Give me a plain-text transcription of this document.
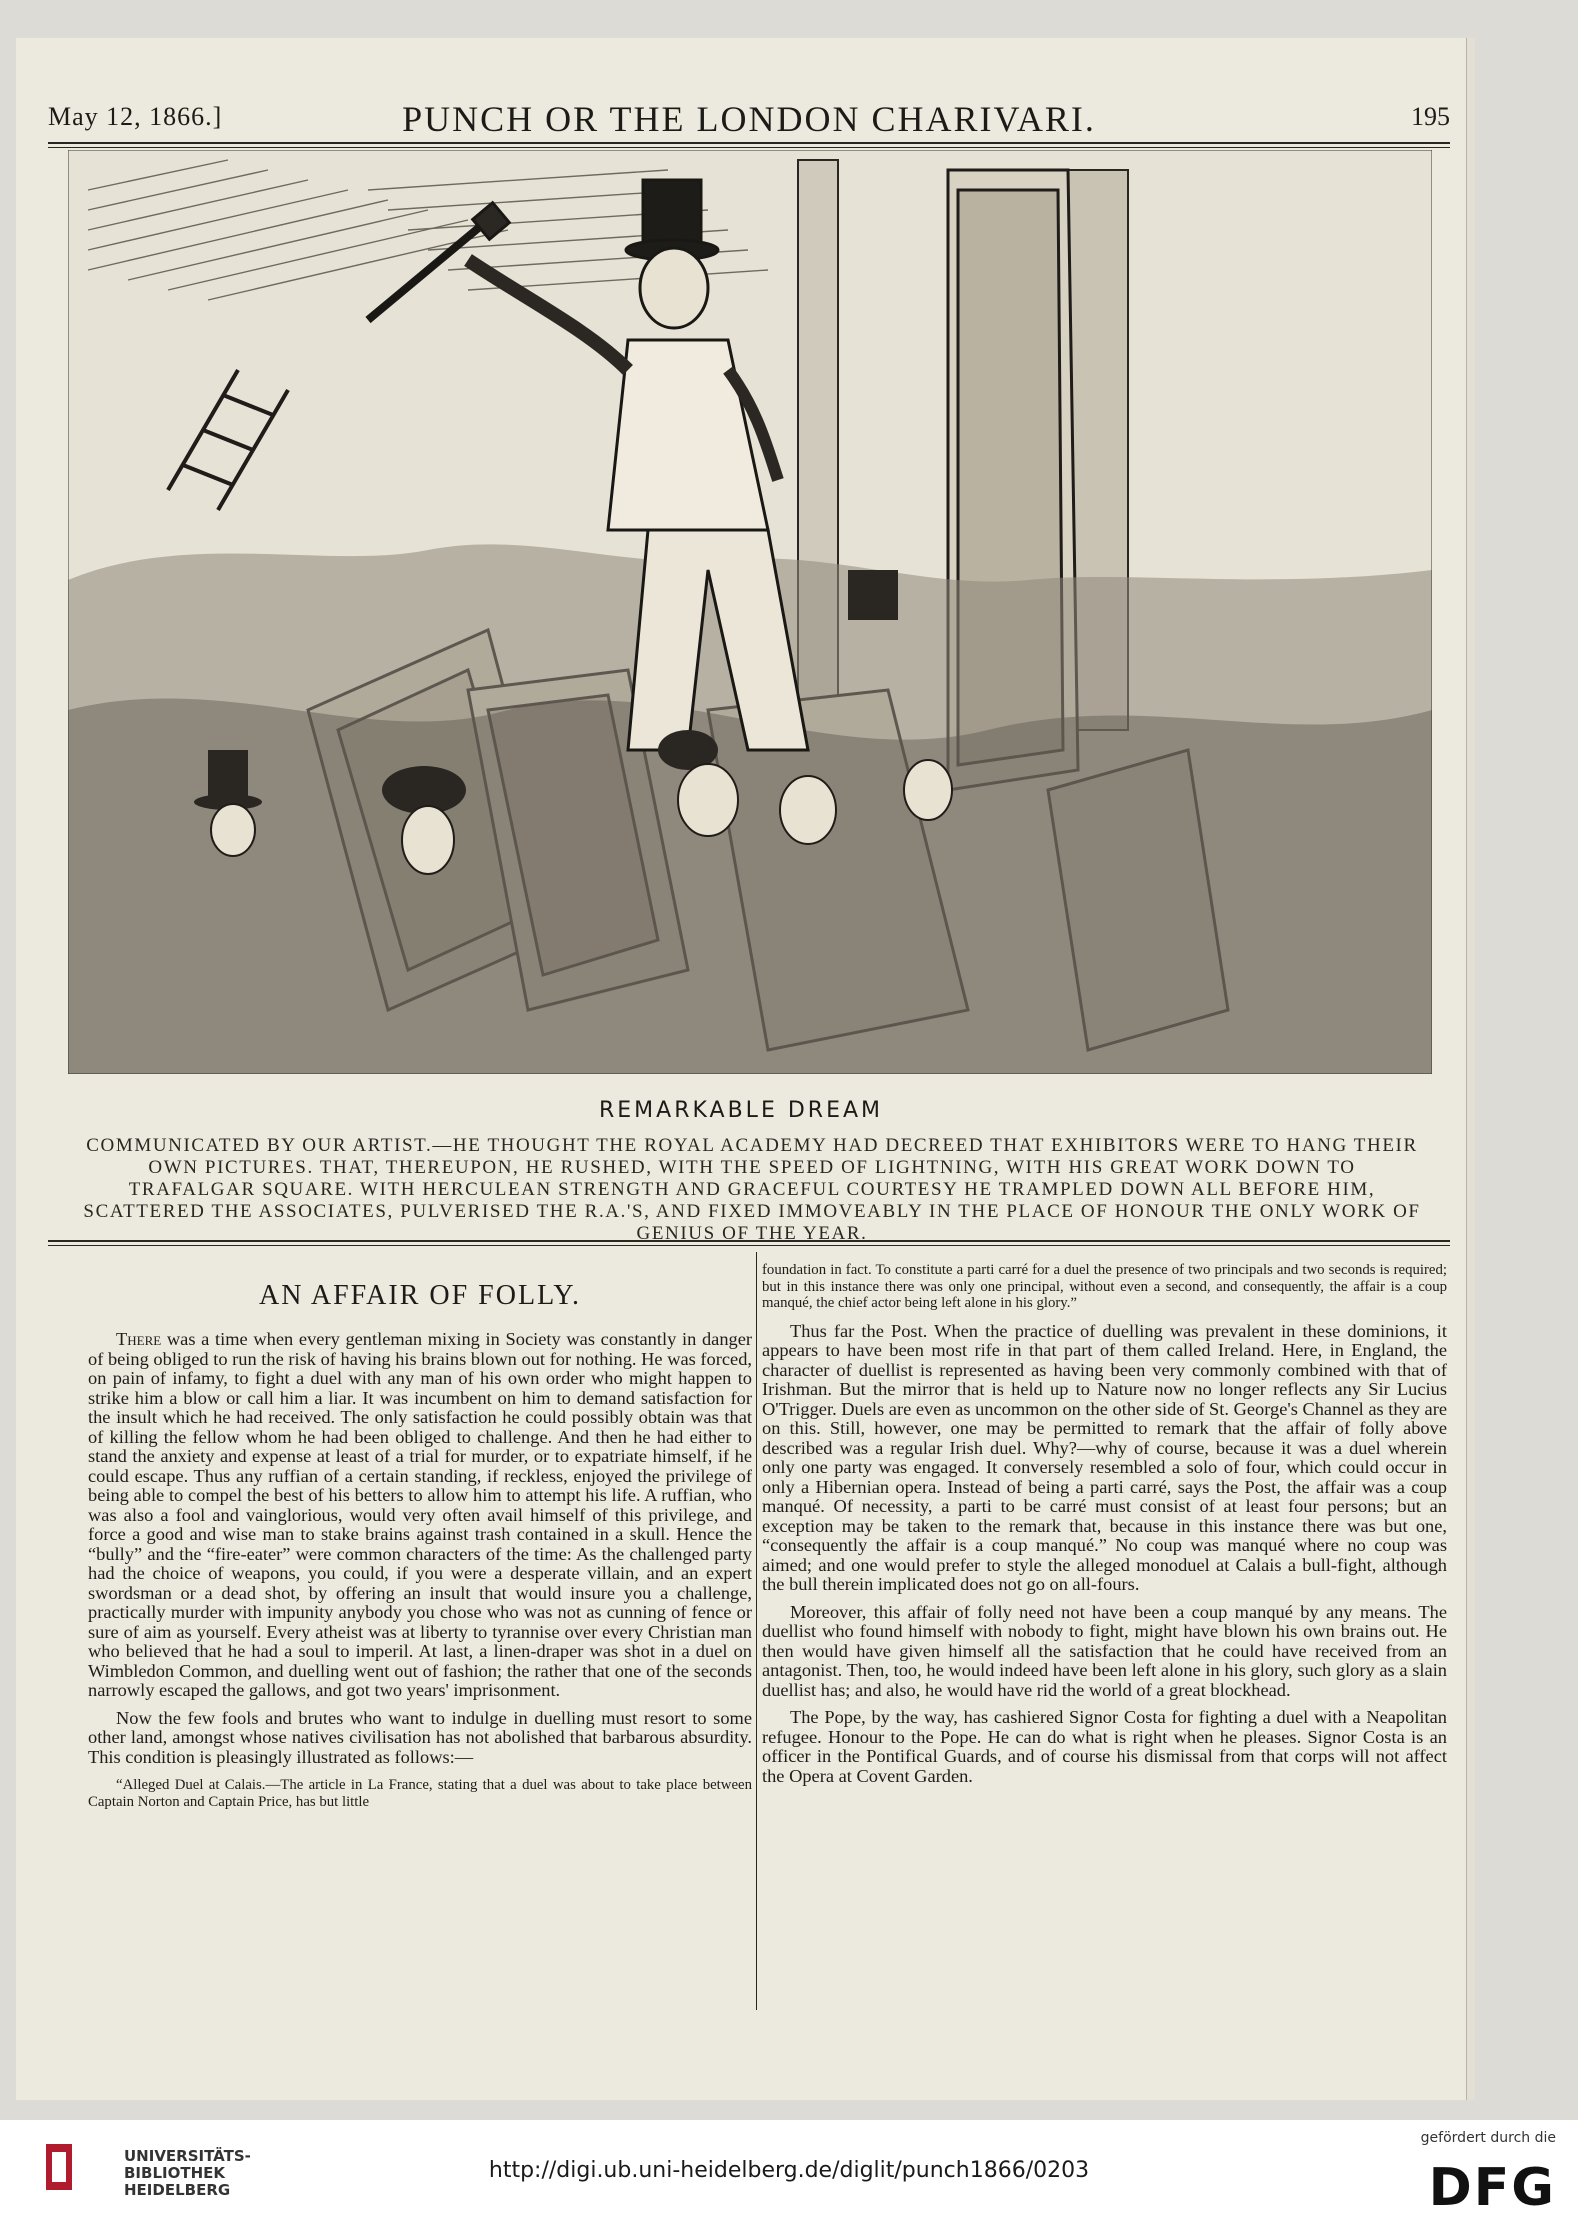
May 12, 1866.]	PUNCH OR THE LONDON CHARIVARI.	195
REMARKABLE DREAM
COMMUNICATED BY OUR ARTIST.—HE THOUGHT THE ROYAL ACADEMY HAD DECREED THAT EXHIBITORS WERE TO HANG THEIR OWN PICTURES. THAT, THEREUPON, HE RUSHED, WITH THE SPEED OF LIGHTNING, WITH HIS GREAT WORK DOWN TO TRAFALGAR SQUARE. WITH HERCULEAN STRENGTH AND GRACEFUL COURTESY HE TRAMPLED DOWN ALL BEFORE HIM, SCATTERED THE ASSOCIATES, PULVERISED THE R.A.'S, AND FIXED IMMOVEABLY IN THE PLACE OF HONOUR THE ONLY WORK OF GENIUS OF THE YEAR.
AN AFFAIR OF FOLLY.

There was a time when every gentleman mixing in Society was constantly in danger of being obliged to run the risk of having his brains blown out for nothing. He was forced, on pain of infamy, to fight a duel with any man of his own order who might happen to strike him a blow or call him a liar. It was incumbent on him to demand satisfaction for the insult which he had received. The only satisfaction he could possibly obtain was that of killing the fellow whom he had been obliged to challenge. And then he had either to stand the anxiety and expense at least of a trial for murder, or to expatriate himself, if he could escape. Thus any ruffian of a certain standing, if reckless, enjoyed the privilege of being able to compel the best of his betters to allow him to attempt his life. A ruffian, who was also a fool and vainglorious, would very often avail himself of this privilege, and force a good and wise man to stake brains against trash contained in a skull. Hence the “bully” and the “fire-eater” were common characters of the time: As the challenged party had the choice of weapons, you could, if you were a desperate villain, and an expert swordsman or a dead shot, by offering an insult that would insure you a challenge, practically murder with impunity anybody you chose who was not as cunning of fence or sure of aim as yourself. Every atheist was at liberty to tyrannise over every Christian man who believed that he had a soul to imperil. At last, a linen-draper was shot in a duel on Wimbledon Common, and duelling went out of fashion; the rather that one of the seconds narrowly escaped the gallows, and got two years' imprisonment.

Now the few fools and brutes who want to indulge in duelling must resort to some other land, amongst whose natives civilisation has not abolished that barbarous absurdity. This condition is pleasingly illustrated as follows:—

“Alleged Duel at Calais.—The article in La France, stating that a duel was about to take place between Captain Norton and Captain Price, has but little

foundation in fact. To constitute a parti carré for a duel the presence of two principals and two seconds is required; but in this instance there was only one principal, without even a second, and consequently, the affair is a coup manqué, the chief actor being left alone in his glory.”

Thus far the Post. When the practice of duelling was prevalent in these dominions, it appears to have been most rife in that part of them called Ireland. Here, in England, the character of duellist is represented as having been very commonly combined with that of Irishman. But the mirror that is held up to Nature now no longer reflects any Sir Lucius O'Trigger. Duels are even as uncommon on the other side of St. George's Channel as they are on this. Still, however, one may be permitted to remark that the affair of folly above described was a regular Irish duel. Why?—why of course, because it was a duel wherein only one party was engaged. It conversely resembled a solo of four, which could occur in only a Hibernian opera. Instead of being a parti carré, says the Post, the affair was a coup manqué. Of necessity, a parti to be carré must consist of at least four persons; but an exception may be taken to the remark that, because in this instance there was but one, “consequently the affair is a coup manqué.” No coup was manqué where no coup was aimed; and one would prefer to style the alleged monoduel at Calais a bull-fight, although the bull therein implicated does not go on all-fours.

Moreover, this affair of folly need not have been a coup manqué by any means. The duellist who found himself with nobody to fight, might have blown his own brains out. He then would have given himself all the satisfaction that he could have received from an antagonist. Then, too, he would indeed have been left alone in his glory, such glory as a slain duellist has; and also, he would have rid the world of a great blockhead.

The Pope, by the way, has cashiered Signor Costa for fighting a duel with a Neapolitan refugee. Honour to the Pope. He can do what is right when he pleases. Signor Costa is an officer in the Pontifical Guards, and of course his dismissal from that corps will not affect the Opera at Covent Garden.

UNIVERSITÄTS-
BIBLIOTHEK
HEIDELBERG
http://digi.ub.uni-heidelberg.de/diglit/punch1866/0203
gefördert durch die
DFG
